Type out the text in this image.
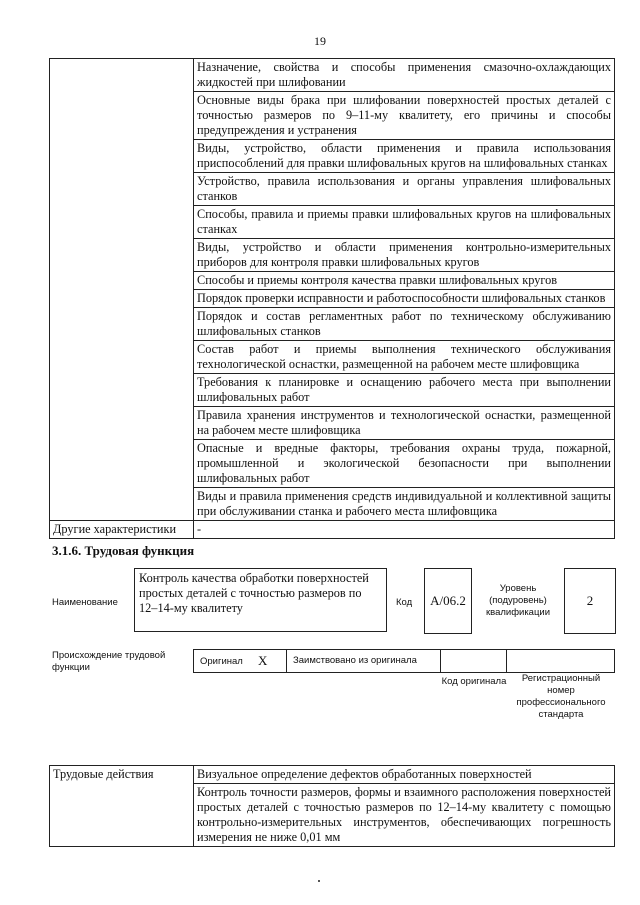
19
	Назначение, свойства и способы применения смазочно-охлаждающих жидкостей при шлифовании
	Основные виды брака при шлифовании поверхностей простых деталей с точностью размеров по 9–11-му квалитету, его причины и способы предупреждения и устранения
	Виды, устройство, области применения и правила использования приспособлений для правки шлифовальных кругов на шлифовальных станках
	Устройство, правила использования и органы управления шлифовальных станков
	Способы, правила и приемы правки шлифовальных кругов на шлифовальных станках
	Виды, устройство и области применения контрольно-измерительных приборов для контроля правки шлифовальных кругов
	Способы и приемы контроля качества правки шлифовальных кругов
	Порядок проверки исправности и работоспособности шлифовальных станков
	Порядок и состав регламентных работ по техническому обслуживанию шлифовальных станков
	Состав работ и приемы выполнения технического обслуживания технологической оснастки, размещенной на рабочем месте шлифовщика
	Требования к планировке и оснащению рабочего места при выполнении шлифовальных работ
	Правила хранения инструментов и технологической оснастки, размещенной на рабочем месте шлифовщика
	Опасные и вредные факторы, требования охраны труда, пожарной, промышленной и экологической безопасности при выполнении шлифовальных работ
	Виды и правила применения средств индивидуальной и коллективной защиты при обслуживании станка и рабочего места шлифовщика
Другие характеристики	-
3.1.6. Трудовая функция
Наименование
Контроль качества обработки поверхностей простых деталей с точностью размеров по 12–14-му квалитету	Код	A/06.2
Уровень (подуровень) квалификации
2
Происхождение трудовой функции
Оригинал X	Заимствовано из оригинала
Код оригинала	Регистрационный номер профессионального стандарта
Трудовые действия	Визуальное определение дефектов обработанных поверхностей
Контроль точности размеров, формы и взаимного расположения поверхностей простых деталей с точностью размеров по 12–14-му квалитету с помощью контрольно-измерительных инструментов, обеспечивающих погрешность измерения не ниже 0,01 мм
